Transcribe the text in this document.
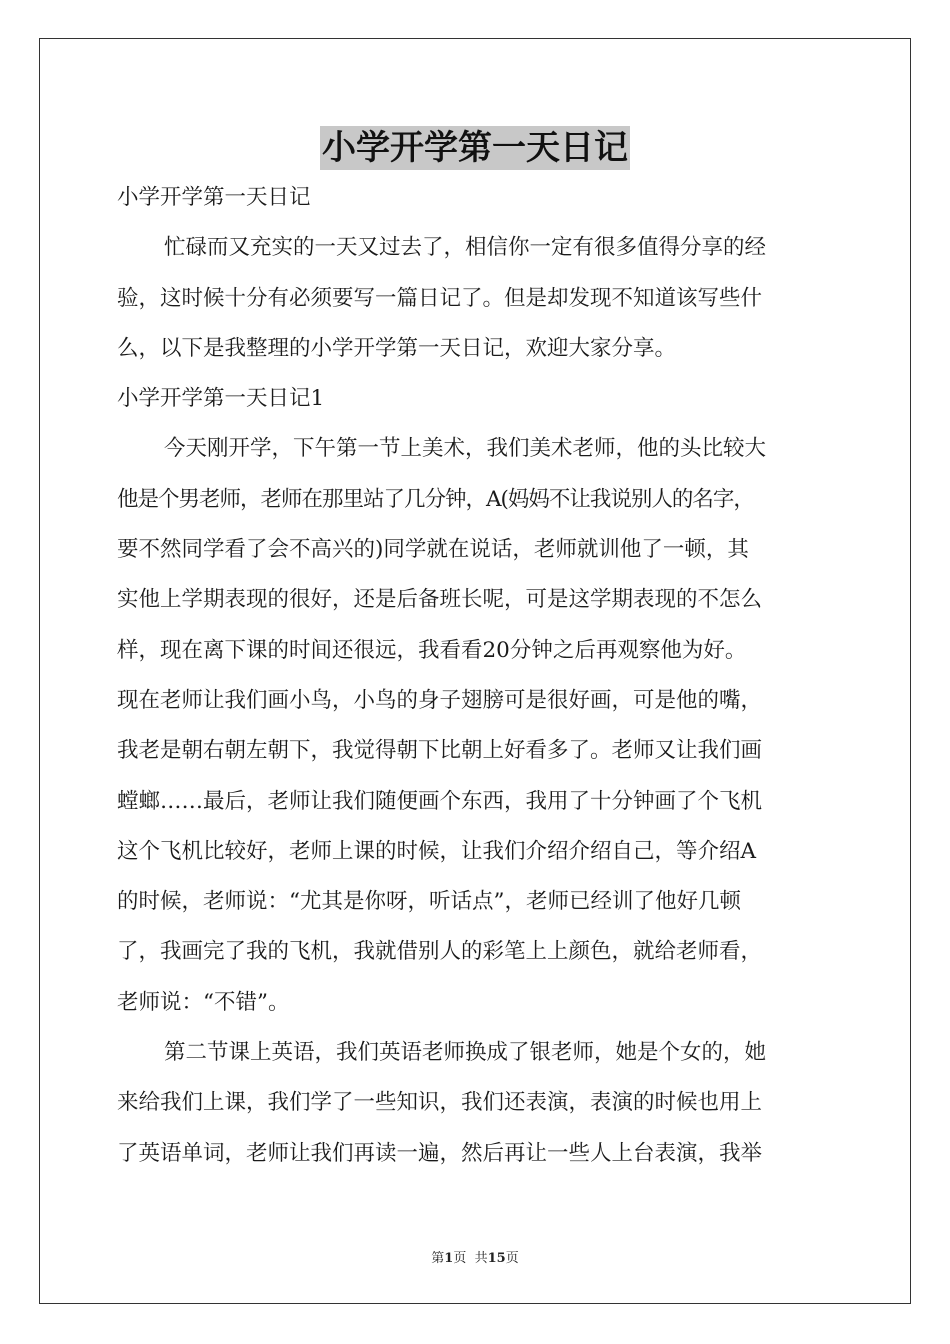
小学开学第一天日记
小学开学第一天日记
忙碌而又充实的一天又过去了，相信你一定有很多值得分享的经
验，这时候十分有必须要写一篇日记了。但是却发现不知道该写些什
么，以下是我整理的小学开学第一天日记，欢迎大家分享。
小学开学第一天日记1
今天刚开学，下午第一节上美术，我们美术老师，他的头比较大
他是个男老师，老师在那里站了几分钟，A(妈妈不让我说别人的名字，
要不然同学看了会不高兴的)同学就在说话，老师就训他了一顿，其
实他上学期表现的很好，还是后备班长呢，可是这学期表现的不怎么
样，现在离下课的时间还很远，我看看20分钟之后再观察他为好。
现在老师让我们画小鸟，小鸟的身子翅膀可是很好画，可是他的嘴，
我老是朝右朝左朝下，我觉得朝下比朝上好看多了。老师又让我们画
螳螂……最后，老师让我们随便画个东西，我用了十分钟画了个飞机
这个飞机比较好，老师上课的时候，让我们介绍介绍自己，等介绍A
的时候，老师说：“尤其是你呀，听话点”，老师已经训了他好几顿
了，我画完了我的飞机，我就借别人的彩笔上上颜色，就给老师看，
老师说：“不错”。
第二节课上英语，我们英语老师换成了银老师，她是个女的，她
来给我们上课，我们学了一些知识，我们还表演，表演的时候也用上
了英语单词，老师让我们再读一遍，然后再让一些人上台表演，我举
第1页  共15页
